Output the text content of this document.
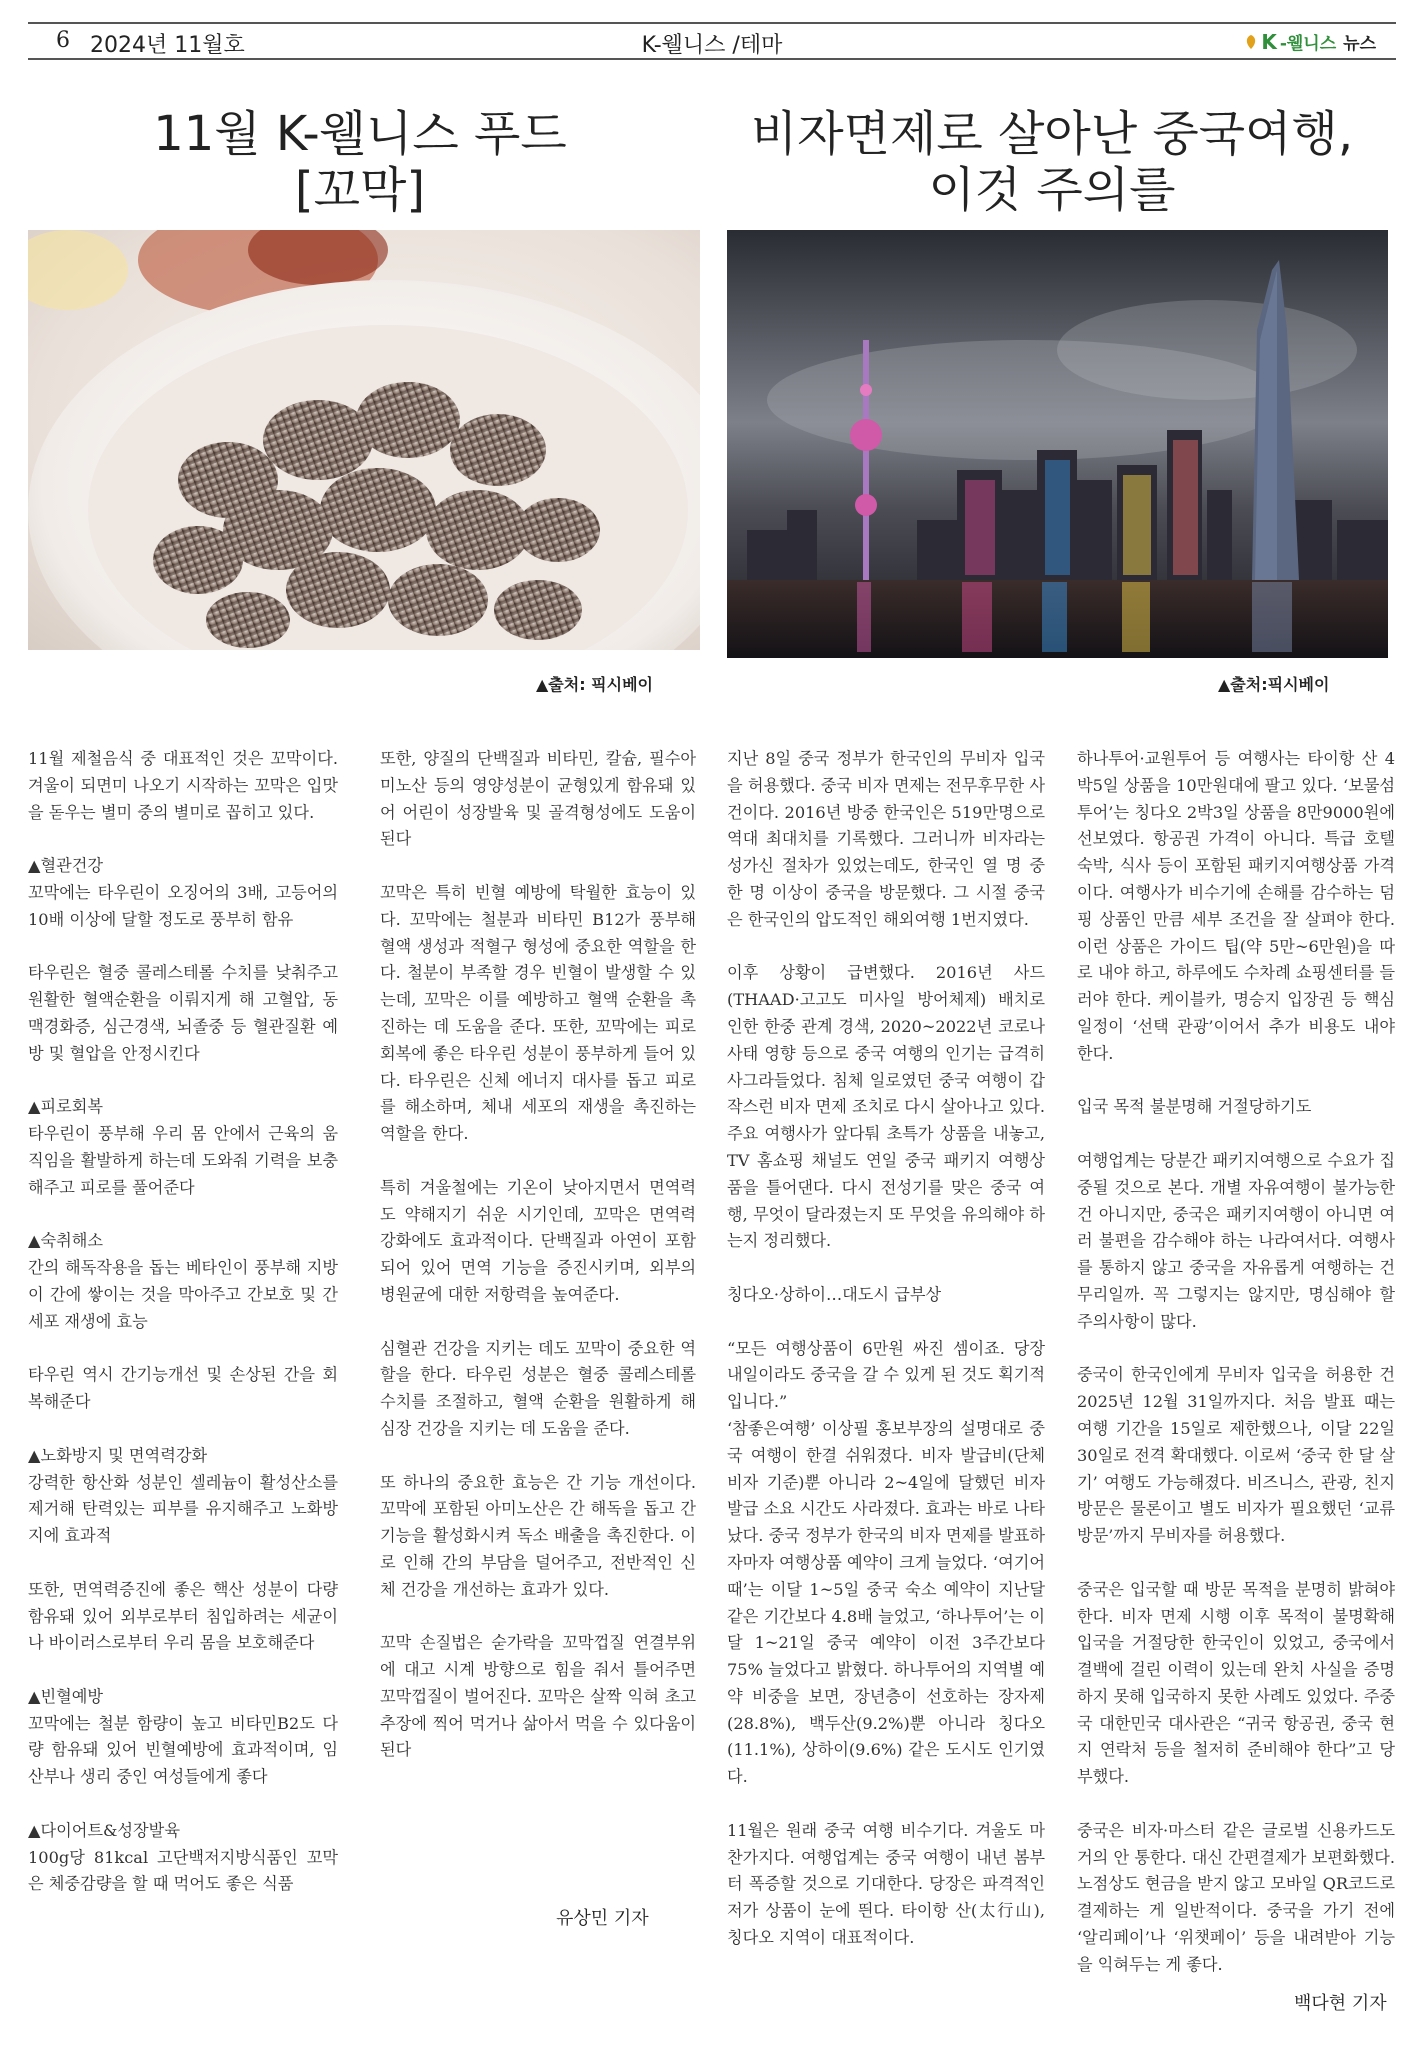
6 2024년 11월호	K-웰니스 /테마	K -웰니스 뉴스
11월 K-웰니스 푸드
[꼬막]
비자면제로 살아난 중국여행,
이것 주의를
▲출처: 픽시베이	▲출처:픽시베이

11월 제철음식 중 대표적인 것은 꼬막이다. 겨울이 되면미 나오기 시작하는 꼬막은 입맛을 돋우는 별미 중의 별미로 꼽히고 있다.

▲혈관건강
꼬막에는 타우린이 오징어의 3배, 고등어의 10배 이상에 달할 정도로 풍부히 함유

타우린은 혈중 콜레스테롤 수치를 낮춰주고 원활한 혈액순환을 이뤄지게 해 고혈압, 동맥경화증, 심근경색, 뇌졸중 등 혈관질환 예방 및 혈압을 안정시킨다

▲피로회복
타우린이 풍부해 우리 몸 안에서 근육의 움직임을 활발하게 하는데 도와줘 기력을 보충해주고 피로를 풀어준다

▲숙취해소
간의 해독작용을 돕는 베타인이 풍부해 지방이 간에 쌓이는 것을 막아주고 간보호 및 간세포 재생에 효능

타우린 역시 간기능개선 및 손상된 간을 회복해준다

▲노화방지 및 면역력강화
강력한 항산화 성분인 셀레늄이 활성산소를 제거해 탄력있는 피부를 유지해주고 노화방지에 효과적

또한, 면역력증진에 좋은 핵산 성분이 다량 함유돼 있어 외부로부터 침입하려는 세균이나 바이러스로부터 우리 몸을 보호해준다

▲빈혈예방
꼬막에는 철분 함량이 높고 비타민B2도 다량 함유돼 있어 빈혈예방에 효과적이며, 임산부나 생리 중인 여성들에게 좋다

▲다이어트&성장발육
100g당 81kcal 고단백저지방식품인 꼬막은 체중감량을 할 때 먹어도 좋은 식품

또한, 양질의 단백질과 비타민, 칼슘, 필수아미노산 등의 영양성분이 균형있게 함유돼 있어 어린이 성장발육 및 골격형성에도 도움이 된다

꼬막은 특히 빈혈 예방에 탁월한 효능이 있다. 꼬막에는 철분과 비타민 B12가 풍부해 혈액 생성과 적혈구 형성에 중요한 역할을 한다. 철분이 부족할 경우 빈혈이 발생할 수 있는데, 꼬막은 이를 예방하고 혈액 순환을 촉진하는 데 도움을 준다. 또한, 꼬막에는 피로 회복에 좋은 타우린 성분이 풍부하게 들어 있다. 타우린은 신체 에너지 대사를 돕고 피로를 해소하며, 체내 세포의 재생을 촉진하는 역할을 한다.

특히 겨울철에는 기온이 낮아지면서 면역력도 약해지기 쉬운 시기인데, 꼬막은 면역력 강화에도 효과적이다. 단백질과 아연이 포함되어 있어 면역 기능을 증진시키며, 외부의 병원균에 대한 저항력을 높여준다.

심혈관 건강을 지키는 데도 꼬막이 중요한 역할을 한다. 타우린 성분은 혈중 콜레스테롤 수치를 조절하고, 혈액 순환을 원활하게 해 심장 건강을 지키는 데 도움을 준다.

또 하나의 중요한 효능은 간 기능 개선이다. 꼬막에 포함된 아미노산은 간 해독을 돕고 간 기능을 활성화시켜 독소 배출을 촉진한다. 이로 인해 간의 부담을 덜어주고, 전반적인 신체 건강을 개선하는 효과가 있다.

꼬막 손질법은 숟가락을 꼬막껍질 연결부위에 대고 시계 방향으로 힘을 줘서 틀어주면 꼬막껍질이 벌어진다. 꼬막은 살짝 익혀 초고추장에 찍어 먹거나 삶아서 먹을 수 있다움이 된다

지난 8일 중국 정부가 한국인의 무비자 입국을 허용했다. 중국 비자 면제는 전무후무한 사건이다. 2016년 방중 한국인은 519만명으로 역대 최대치를 기록했다. 그러니까 비자라는 성가신 절차가 있었는데도, 한국인 열 명 중 한 명 이상이 중국을 방문했다. 그 시절 중국은 한국인의 압도적인 해외여행 1번지였다.

이후 상황이 급변했다. 2016년 사드(THAAD·고고도 미사일 방어체제) 배치로 인한 한중 관계 경색, 2020~2022년 코로나 사태 영향 등으로 중국 여행의 인기는 급격히 사그라들었다. 침체 일로였던 중국 여행이 갑작스런 비자 면제 조치로 다시 살아나고 있다. 주요 여행사가 앞다퉈 초특가 상품을 내놓고, TV 홈쇼핑 채널도 연일 중국 패키지 여행상품을 틀어댄다. 다시 전성기를 맞은 중국 여행, 무엇이 달라졌는지 또 무엇을 유의해야 하는지 정리했다.

칭다오·상하이…대도시 급부상

“모든 여행상품이 6만원 싸진 셈이죠. 당장 내일이라도 중국을 갈 수 있게 된 것도 획기적입니다.”

‘참좋은여행’ 이상필 홍보부장의 설명대로 중국 여행이 한결 쉬워졌다. 비자 발급비(단체 비자 기준)뿐 아니라 2~4일에 달했던 비자 발급 소요 시간도 사라졌다. 효과는 바로 나타났다. 중국 정부가 한국의 비자 면제를 발표하자마자 여행상품 예약이 크게 늘었다. ‘여기어때’는 이달 1~5일 중국 숙소 예약이 지난달 같은 기간보다 4.8배 늘었고, ‘하나투어’는 이달 1~21일 중국 예약이 이전 3주간보다 75% 늘었다고 밝혔다. 하나투어의 지역별 예약 비중을 보면, 장년층이 선호하는 장자제(28.8%), 백두산(9.2%)뿐 아니라 칭다오(11.1%), 상하이(9.6%) 같은 도시도 인기였다.

11월은 원래 중국 여행 비수기다. 겨울도 마찬가지다. 여행업계는 중국 여행이 내년 봄부터 폭증할 것으로 기대한다. 당장은 파격적인 저가 상품이 눈에 띈다. 타이항 산(太行山), 칭다오 지역이 대표적이다.

하나투어·교원투어 등 여행사는 타이항 산 4박5일 상품을 10만원대에 팔고 있다. ‘보물섬투어’는 칭다오 2박3일 상품을 8만9000원에 선보였다. 항공권 가격이 아니다. 특급 호텔 숙박, 식사 등이 포함된 패키지여행상품 가격이다. 여행사가 비수기에 손해를 감수하는 덤핑 상품인 만큼 세부 조건을 잘 살펴야 한다. 이런 상품은 가이드 팁(약 5만~6만원)을 따로 내야 하고, 하루에도 수차례 쇼핑센터를 들러야 한다. 케이블카, 명승지 입장권 등 핵심 일정이 ‘선택 관광’이어서 추가 비용도 내야 한다.

입국 목적 불분명해 거절당하기도

여행업계는 당분간 패키지여행으로 수요가 집중될 것으로 본다. 개별 자유여행이 불가능한 건 아니지만, 중국은 패키지여행이 아니면 여러 불편을 감수해야 하는 나라여서다. 여행사를 통하지 않고 중국을 자유롭게 여행하는 건 무리일까. 꼭 그렇지는 않지만, 명심해야 할 주의사항이 많다.

중국이 한국인에게 무비자 입국을 허용한 건 2025년 12월 31일까지다. 처음 발표 때는 여행 기간을 15일로 제한했으나, 이달 22일 30일로 전격 확대했다. 이로써 ‘중국 한 달 살기’ 여행도 가능해졌다. 비즈니스, 관광, 친지 방문은 물론이고 별도 비자가 필요했던 ‘교류 방문’까지 무비자를 허용했다.

중국은 입국할 때 방문 목적을 분명히 밝혀야 한다. 비자 면제 시행 이후 목적이 불명확해 입국을 거절당한 한국인이 있었고, 중국에서 결백에 걸린 이력이 있는데 완치 사실을 증명하지 못해 입국하지 못한 사례도 있었다. 주중국 대한민국 대사관은 “귀국 항공권, 중국 현지 연락처 등을 철저히 준비해야 한다”고 당부했다.

중국은 비자·마스터 같은 글로벌 신용카드도 거의 안 통한다. 대신 간편결제가 보편화했다. 노점상도 현금을 받지 않고 모바일 QR코드로 결제하는 게 일반적이다. 중국을 가기 전에 ‘알리페이’나 ‘위챗페이’ 등을 내려받아 기능을 익혀두는 게 좋다.

유상민 기자
백다현 기자
